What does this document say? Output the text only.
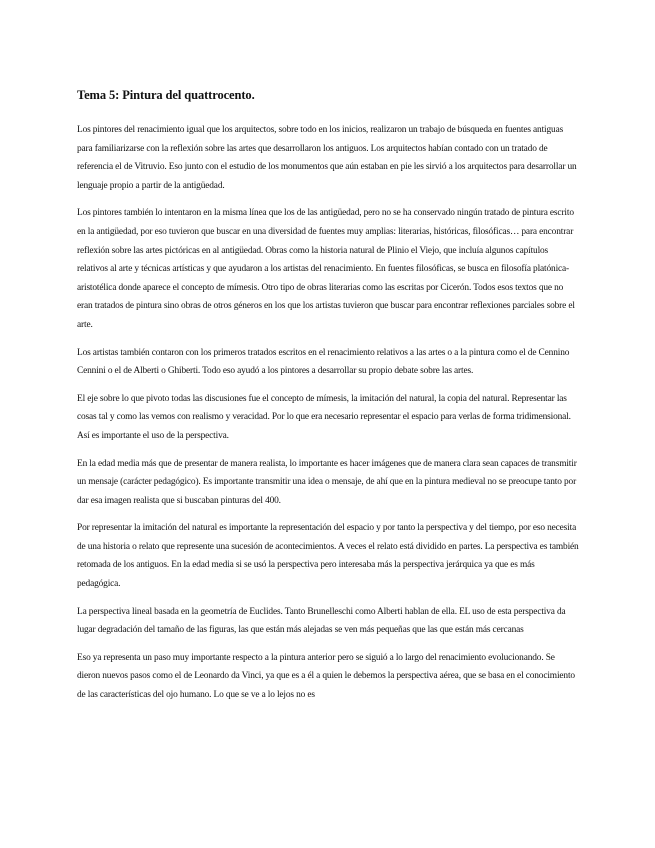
Tema 5: Pintura del quattrocento.

Los pintores del renacimiento igual que los arquitectos, sobre todo en los inicios, realizaron un trabajo de búsqueda en fuentes antiguas para familiarizarse con la reflexión sobre las artes que desarrollaron los antiguos. Los arquitectos habían contado con un tratado de referencia el de Vitruvio. Eso junto con el estudio de los monumentos que aún estaban en pie les sirvió a los arquitectos para desarrollar un lenguaje propio a partir de la antigüedad.

Los pintores también lo intentaron en la misma línea que los de las antigüedad, pero no se ha conservado ningún tratado de pintura escrito en la antigüedad, por eso tuvieron que buscar en una diversidad de fuentes muy amplias: literarias, históricas, filosóficas… para encontrar reflexión sobre las artes pictóricas en al antigüedad. Obras como la historia natural de Plinio el Viejo, que incluía algunos capítulos relativos al arte y técnicas artísticas y que ayudaron a los artistas del renacimiento. En fuentes filosóficas, se busca en filosofía platónica-aristotélica donde aparece el concepto de mímesis. Otro tipo de obras literarias como las escritas por Cicerón. Todos esos textos que no eran tratados de pintura sino obras de otros géneros en los que los artistas tuvieron que buscar para encontrar reflexiones parciales sobre el arte.

Los artistas también contaron con los primeros tratados escritos en el renacimiento relativos a las artes o a la pintura como el de Cennino Cennini o el de Alberti o Ghiberti. Todo eso ayudó a los pintores a desarrollar su propio debate sobre las artes.

El eje sobre lo que pivoto todas las discusiones fue el concepto de mímesis, la imitación del natural, la copia del natural. Representar las cosas tal y como las vemos con realismo y veracidad. Por lo que era necesario representar el espacio para verlas de forma tridimensional. Así es importante el uso de la perspectiva.

En la edad media más que de presentar de manera realista, lo importante es hacer imágenes que de manera clara sean capaces de transmitir un mensaje (carácter pedagógico). Es importante transmitir una idea o mensaje, de ahí que en la pintura medieval no se preocupe tanto por dar esa imagen realista que si buscaban pinturas del 400.

Por representar la imitación del natural es importante la representación del espacio y por tanto la perspectiva y del tiempo, por eso necesita de una historia o relato que represente una sucesión de acontecimientos. A veces el relato está dividido en partes. La perspectiva es también retomada de los antiguos. En la edad media si se usó la perspectiva pero interesaba más la perspectiva jerárquica ya que es más pedagógica.

La perspectiva lineal basada en la geometría de Euclides. Tanto Brunelleschi como Alberti hablan de ella. EL uso de esta perspectiva da lugar degradación del tamaño de las figuras, las que están más alejadas se ven más pequeñas que las que están más cercanas

Eso ya representa un paso muy importante respecto a la pintura anterior pero se siguió a lo largo del renacimiento evolucionando. Se dieron nuevos pasos como el de Leonardo da Vinci, ya que es a él a quien le debemos la perspectiva aérea, que se basa en el conocimiento de las características del ojo humano. Lo que se ve a lo lejos no es
